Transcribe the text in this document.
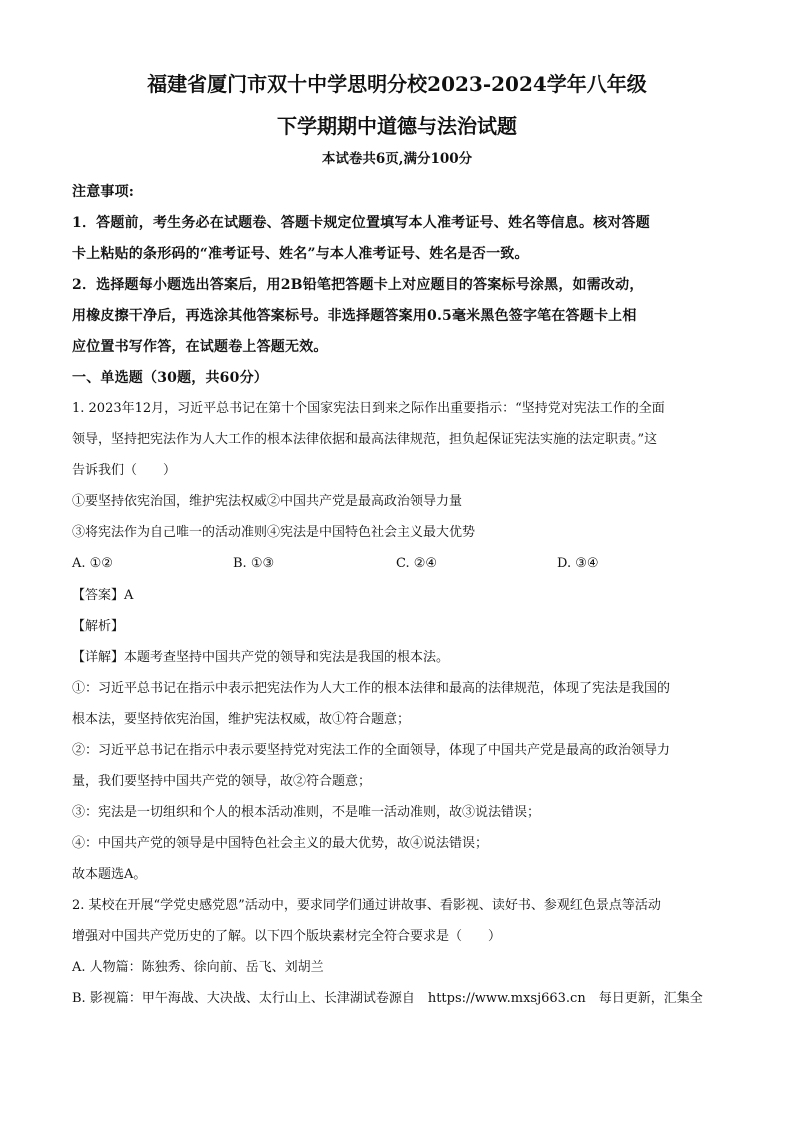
福建省厦门市双十中学思明分校2023-2024学年八年级
下学期期中道德与法治试题
本试卷共6页,满分100分
注意事项:
1．答题前，考生务必在试题卷、答题卡规定位置填写本人准考证号、姓名等信息。核对答题
卡上粘贴的条形码的“准考证号、姓名”与本人准考证号、姓名是否一致。
2．选择题每小题选出答案后，用2B铅笔把答题卡上对应题目的答案标号涂黑，如需改动，
用橡皮擦干净后，再选涂其他答案标号。非选择题答案用0.5毫米黑色签字笔在答题卡上相
应位置书写作答，在试题卷上答题无效。
一、单选题（30题，共60分）
1. 2023年12月，习近平总书记在第十个国家宪法日到来之际作出重要指示：“坚持党对宪法工作的全面
领导，坚持把宪法作为人大工作的根本法律依据和最高法律规范，担负起保证宪法实施的法定职责。”这
告诉我们（　　）
①要坚持依宪治国，维护宪法权威②中国共产党是最高政治领导力量
③将宪法作为自己唯一的活动准则④宪法是中国特色社会主义最大优势
A. ①②	B. ①③	C. ②④	D. ③④
【答案】A
【解析】
【详解】本题考查坚持中国共产党的领导和宪法是我国的根本法。
①：习近平总书记在指示中表示把宪法作为人大工作的根本法律和最高的法律规范，体现了宪法是我国的
根本法，要坚持依宪治国，维护宪法权威，故①符合题意；
②：习近平总书记在指示中表示要坚持党对宪法工作的全面领导，体现了中国共产党是最高的政治领导力
量，我们要坚持中国共产党的领导，故②符合题意；
③：宪法是一切组织和个人的根本活动准则，不是唯一活动准则，故③说法错误；
④：中国共产党的领导是中国特色社会主义的最大优势，故④说法错误；
故本题选A。
2. 某校在开展“学党史感党恩”活动中，要求同学们通过讲故事、看影视、读好书、参观红色景点等活动
增强对中国共产党历史的了解。以下四个版块素材完全符合要求是（　　）
A. 人物篇：陈独秀、徐向前、岳飞、刘胡兰
B. 影视篇：甲午海战、大决战、太行山上、长津湖试卷源自　https://www.mxsj663.cn　每日更新，汇集全
